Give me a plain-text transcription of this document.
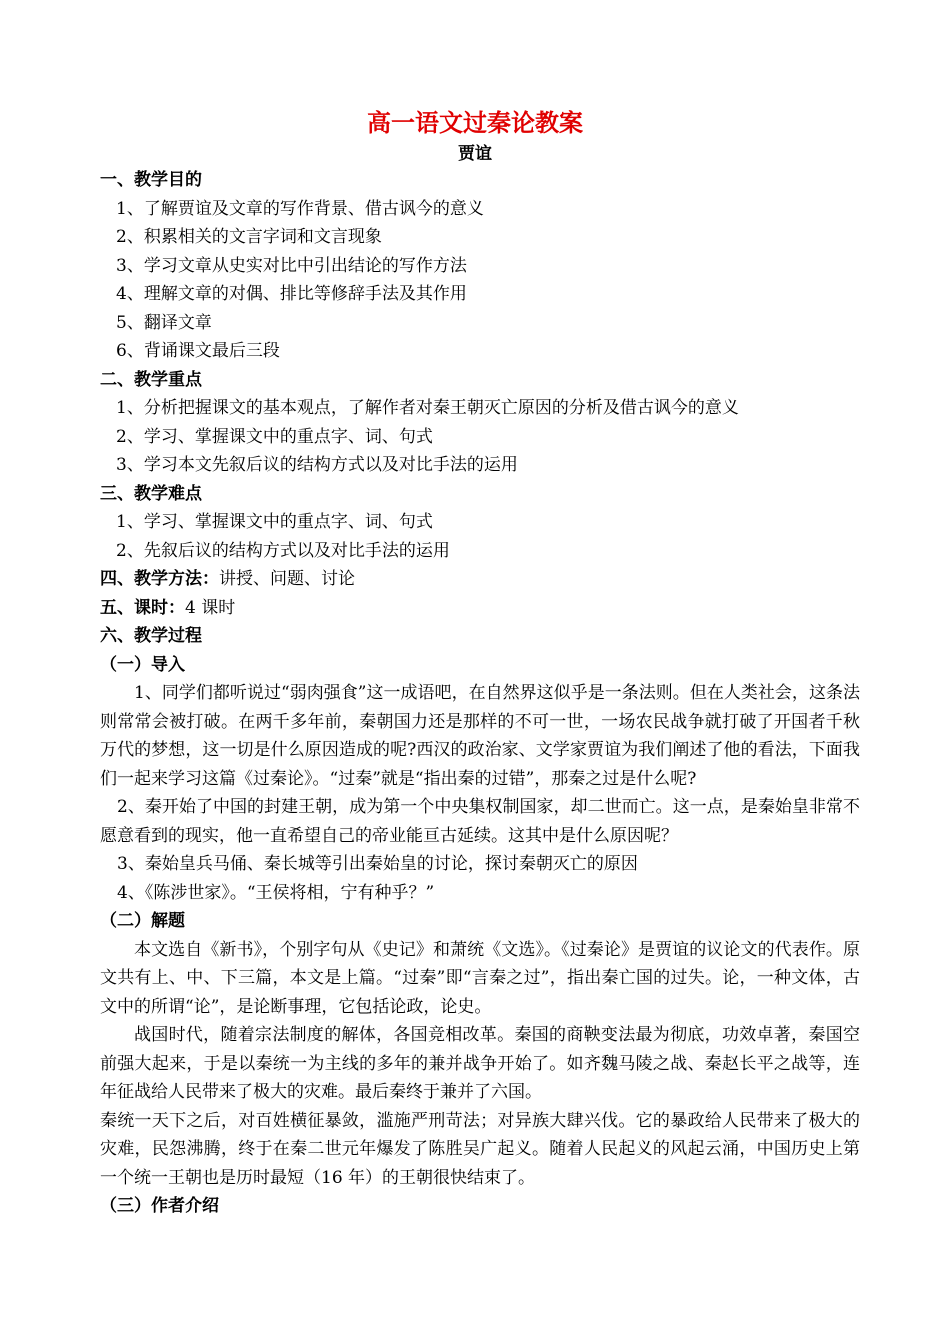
高一语文过秦论教案
贾谊
一、教学目的
1、了解贾谊及文章的写作背景、借古讽今的意义
2、积累相关的文言字词和文言现象
3、学习文章从史实对比中引出结论的写作方法
4、理解文章的对偶、排比等修辞手法及其作用
5、翻译文章
6、背诵课文最后三段
二、教学重点
1、分析把握课文的基本观点，了解作者对秦王朝灭亡原因的分析及借古讽今的意义
2、学习、掌握课文中的重点字、词、句式
3、学习本文先叙后议的结构方式以及对比手法的运用
三、教学难点
1、学习、掌握课文中的重点字、词、句式
2、先叙后议的结构方式以及对比手法的运用
四、教学方法：讲授、问题、讨论
五、课时：4 课时
六、教学过程
（一）导入

1、同学们都听说过“弱肉强食”这一成语吧，在自然界这似乎是一条法则。但在人类社会，这条法则常常会被打破。在两千多年前，秦朝国力还是那样的不可一世，一场农民战争就打破了开国者千秋万代的梦想，这一切是什么原因造成的呢?西汉的政治家、文学家贾谊为我们阐述了他的看法，下面我们一起来学习这篇《过秦论》。“过秦”就是“指出秦的过错”，那秦之过是什么呢?

2、秦开始了中国的封建王朝，成为第一个中央集权制国家，却二世而亡。这一点，是秦始皇非常不愿意看到的现实，他一直希望自己的帝业能亘古延续。这其中是什么原因呢？

3、秦始皇兵马俑、秦长城等引出秦始皇的讨论，探讨秦朝灭亡的原因

4、《陈涉世家》。“王侯将相，宁有种乎？”

（二）解题

本文选自《新书》，个别字句从《史记》和萧统《文选》。《过秦论》是贾谊的议论文的代表作。原文共有上、中、下三篇，本文是上篇。“过秦”即“言秦之过”，指出秦亡国的过失。论，一种文体，古文中的所谓“论”，是论断事理，它包括论政，论史。

战国时代，随着宗法制度的解体，各国竞相改革。秦国的商鞅变法最为彻底，功效卓著，秦国空前强大起来，于是以秦统一为主线的多年的兼并战争开始了。如齐魏马陵之战、秦赵长平之战等，连年征战给人民带来了极大的灾难。最后秦终于兼并了六国。

秦统一天下之后，对百姓横征暴敛，滥施严刑苛法；对异族大肆兴伐。它的暴政给人民带来了极大的灾难，民怨沸腾，终于在秦二世元年爆发了陈胜吴广起义。随着人民起义的风起云涌，中国历史上第一个统一王朝也是历时最短（16 年）的王朝很快结束了。

（三）作者介绍
